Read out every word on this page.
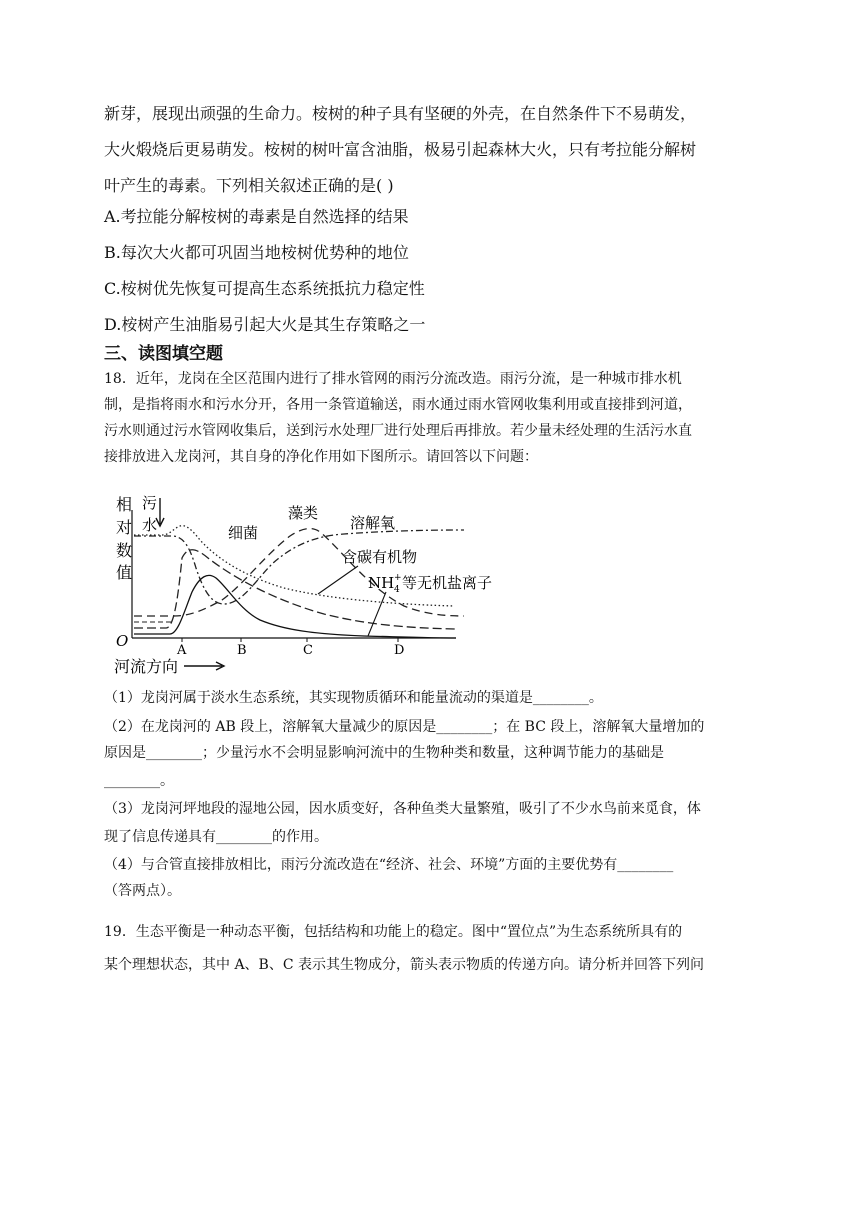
新芽，展现出顽强的生命力。桉树的种子具有坚硬的外壳，在自然条件下不易萌发，
大火煅烧后更易萌发。桉树的树叶富含油脂，极易引起森林大火，只有考拉能分解树
叶产生的毒素。下列相关叙述正确的是( )
A.考拉能分解桉树的毒素是自然选择的结果
B.每次大火都可巩固当地桉树优势种的地位
C.桉树优先恢复可提高生态系统抵抗力稳定性
D.桉树产生油脂易引起大火是其生存策略之一
三、读图填空题
18．近年，龙岗在全区范围内进行了排水管网的雨污分流改造。雨污分流，是一种城市排水机
制，是指将雨水和污水分开，各用一条管道输送，雨水通过雨水管网收集利用或直接排到河道，
污水则通过污水管网收集后，送到污水处理厂进行处理后再排放。若少量未经处理的生活污水直
接排放进入龙岗河，其自身的净化作用如下图所示。请回答以下问题：
相
对
数
值
污
水
O
A	B	C	D
河流方向
细菌
藻类
溶解氧
含碳有机物
NH 4
+ 等无机盐离子
（1）龙岗河属于淡水生态系统，其实现物质循环和能量流动的渠道是________。
（2）在龙岗河的 AB 段上，溶解氧大量减少的原因是________；在 BC 段上，溶解氧大量增加的
原因是________；少量污水不会明显影响河流中的生物种类和数量，这种调节能力的基础是
________。
（3）龙岗河坪地段的湿地公园，因水质变好，各种鱼类大量繁殖，吸引了不少水鸟前来觅食，体
现了信息传递具有________的作用。
（4）与合管直接排放相比，雨污分流改造在“经济、社会、环境”方面的主要优势有________
（答两点）。
19．生态平衡是一种动态平衡，包括结构和功能上的稳定。图中“置位点”为生态系统所具有的
某个理想状态，其中 A、B、C 表示其生物成分，箭头表示物质的传递方向。请分析并回答下列问
